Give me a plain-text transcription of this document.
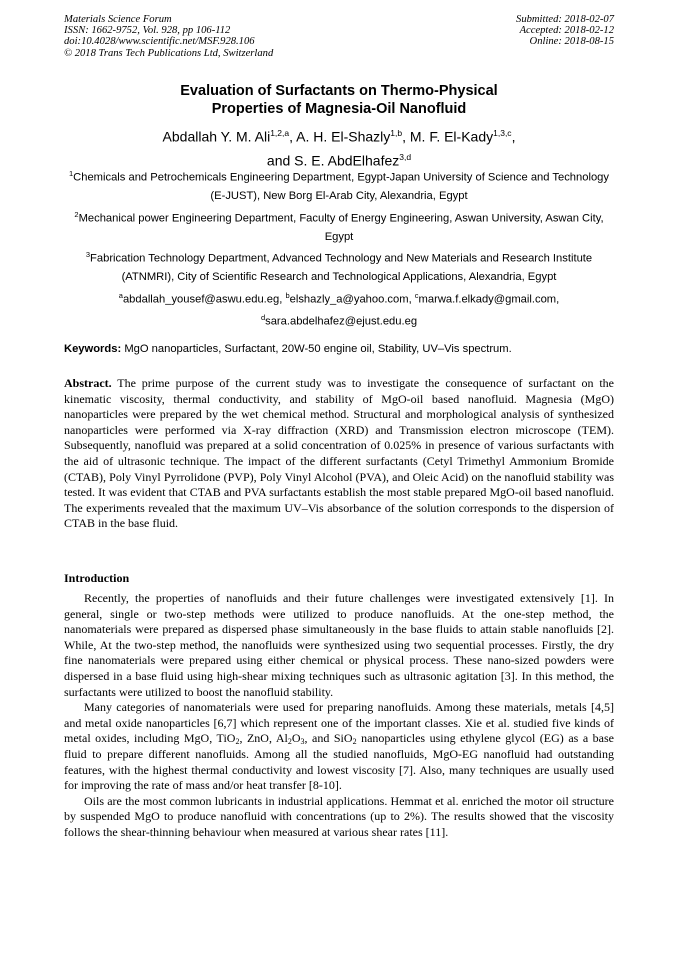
Materials Science Forum
ISSN: 1662-9752, Vol. 928, pp 106-112
doi:10.4028/www.scientific.net/MSF.928.106
© 2018 Trans Tech Publications Ltd, Switzerland
Submitted: 2018-02-07
Accepted: 2018-02-12
Online: 2018-08-15
Evaluation of Surfactants on Thermo-Physical
Properties of Magnesia-Oil Nanofluid
Abdallah Y. M. Ali$^{1,2,a}$, A. H. El-Shazly$^{1,b}$, M. F. El-Kady$^{1,3,c}$,
and S. E. AbdElhafez$^{3,d}$
$^1$Chemicals and Petrochemicals Engineering Department, Egypt-Japan University of Science and Technology (E-JUST), New Borg El-Arab City, Alexandria, Egypt
$^2$Mechanical power Engineering Department, Faculty of Energy Engineering, Aswan University, Aswan City, Egypt
$^3$Fabrication Technology Department, Advanced Technology and New Materials and Research Institute (ATNMRI), City of Scientific Research and Technological Applications, Alexandria, Egypt
$^a$abdallah_yousef@aswu.edu.eg, $^b$elshazly_a@yahoo.com, $^c$marwa.f.elkady@gmail.com,
$^d$sara.abdelhafez@ejust.edu.eg
Keywords: MgO nanoparticles, Surfactant, 20W-50 engine oil, Stability, UV–Vis spectrum.
Abstract. The prime purpose of the current study was to investigate the consequence of surfactant on the kinematic viscosity, thermal conductivity, and stability of MgO-oil based nanofluid. Magnesia (MgO) nanoparticles were prepared by the wet chemical method. Structural and morphological analysis of synthesized nanoparticles were performed via X-ray diffraction (XRD) and Transmission electron microscope (TEM). Subsequently, nanofluid was prepared at a solid concentration of 0.025% in presence of various surfactants with the aid of ultrasonic technique. The impact of the different surfactants (Cetyl Trimethyl Ammonium Bromide (CTAB), Poly Vinyl Pyrrolidone (PVP), Poly Vinyl Alcohol (PVA), and Oleic Acid) on the nanofluid stability was tested. It was evident that CTAB and PVA surfactants establish the most stable prepared MgO-oil based nanofluid. The experiments revealed that the maximum UV–Vis absorbance of the solution corresponds to the dispersion of CTAB in the base fluid.
Introduction

Recently, the properties of nanofluids and their future challenges were investigated extensively [1]. In general, single or two-step methods were utilized to produce nanofluids. At the one-step method, the nanomaterials were prepared as dispersed phase simultaneously in the base fluids to attain stable nanofluids [2]. While, At the two-step method, the nanofluids were synthesized using two sequential processes. Firstly, the dry fine nanomaterials were prepared using either chemical or physical process. These nano-sized powders were dispersed in a base fluid using high-shear mixing techniques such as ultrasonic agitation [3]. In this method, the surfactants were utilized to boost the nanofluid stability.

Many categories of nanomaterials were used for preparing nanofluids. Among these materials, metals [4,5] and metal oxide nanoparticles [6,7] which represent one of the important classes. Xie et al. studied five kinds of metal oxides, including MgO, TiO$_2$, ZnO, $Al_2O_3$, and SiO$_2$ nanoparticles using ethylene glycol (EG) as a base fluid to prepare different nanofluids. Among all the studied nanofluids, MgO-EG nanofluid had outstanding features, with the highest thermal conductivity and lowest viscosity [7]. Also, many techniques are usually used for improving the rate of mass and/or heat transfer [8-10].

Oils are the most common lubricants in industrial applications. Hemmat et al. enriched the motor oil structure by suspended MgO to produce nanofluid with concentrations (up to 2%). The results showed that the viscosity follows the shear-thinning behaviour when measured at various shear rates [11].
